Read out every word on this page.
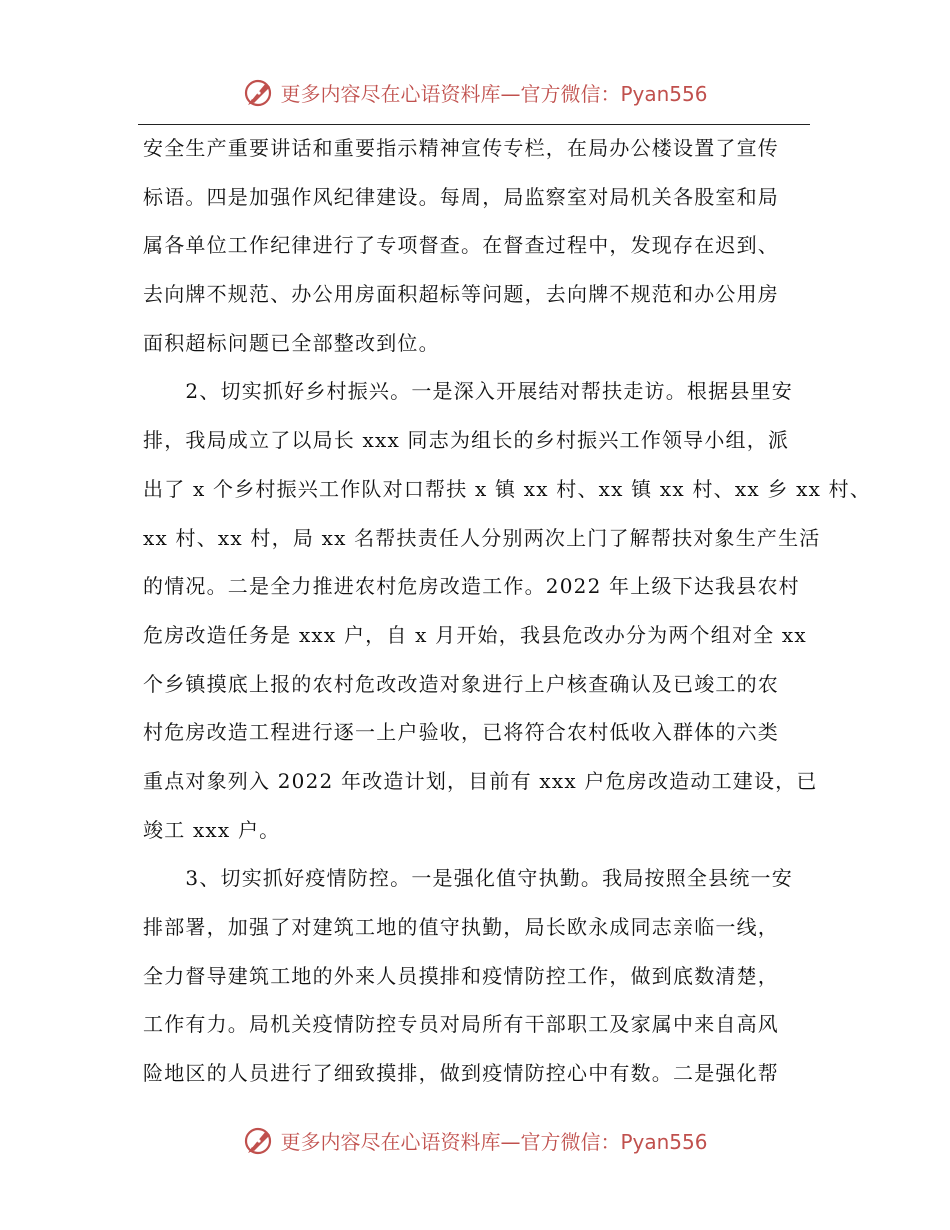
更多内容尽在心语资料库—官方微信：Pyan556
安全生产重要讲话和重要指示精神宣传专栏，在局办公楼设置了宣传
标语。四是加强作风纪律建设。每周，局监察室对局机关各股室和局
属各单位工作纪律进行了专项督查。在督查过程中，发现存在迟到、
去向牌不规范、办公用房面积超标等问题，去向牌不规范和办公用房
面积超标问题已全部整改到位。
　　2、切实抓好乡村振兴。一是深入开展结对帮扶走访。根据县里安
排，我局成立了以局长 xxx 同志为组长的乡村振兴工作领导小组，派
出了 x 个乡村振兴工作队对口帮扶 x 镇 xx 村、xx 镇 xx 村、xx 乡 xx 村、
xx 村、xx 村，局 xx 名帮扶责任人分别两次上门了解帮扶对象生产生活
的情况。二是全力推进农村危房改造工作。2022 年上级下达我县农村
危房改造任务是 xxx 户，自 x 月开始，我县危改办分为两个组对全 xx
个乡镇摸底上报的农村危改改造对象进行上户核查确认及已竣工的农
村危房改造工程进行逐一上户验收，已将符合农村低收入群体的六类
重点对象列入 2022 年改造计划，目前有 xxx 户危房改造动工建设，已
竣工 xxx 户。
　　3、切实抓好疫情防控。一是强化值守执勤。我局按照全县统一安
排部署，加强了对建筑工地的值守执勤，局长欧永成同志亲临一线，
全力督导建筑工地的外来人员摸排和疫情防控工作，做到底数清楚，
工作有力。局机关疫情防控专员对局所有干部职工及家属中来自高风
险地区的人员进行了细致摸排，做到疫情防控心中有数。二是强化帮
更多内容尽在心语资料库—官方微信：Pyan556
